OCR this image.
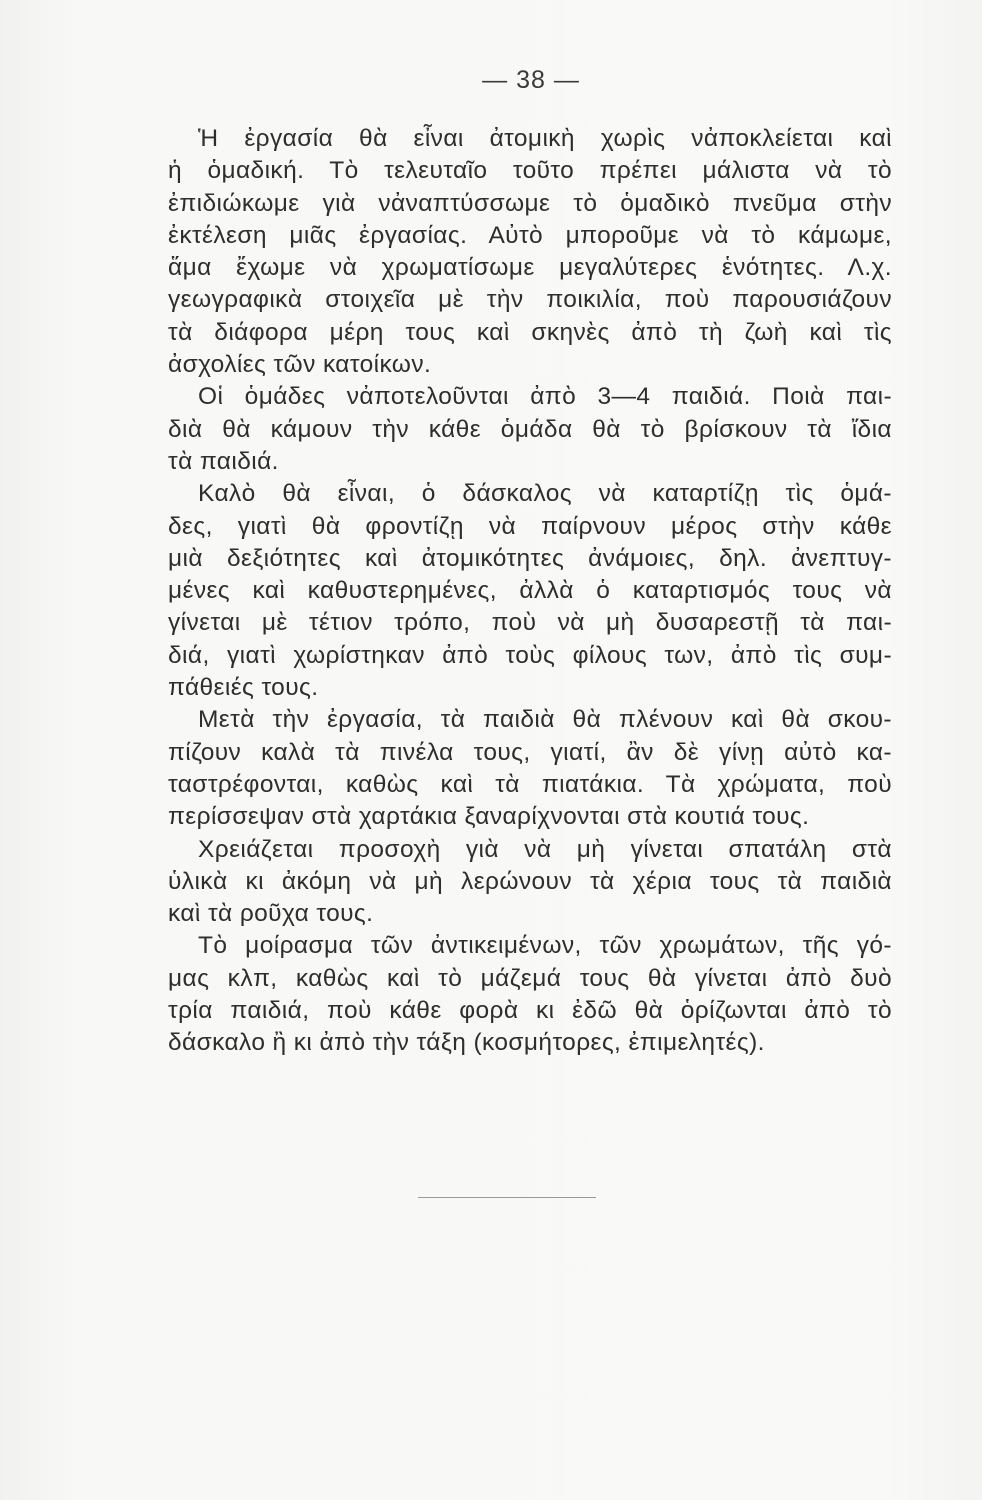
— 38 —

Ἡ ἐργασία θὰ εἶναι ἀτομικὴ χωρὶς νἀποκλείεται καὶ
ἡ ὁμαδική. Τὸ τελευταῖο τοῦτο πρέπει μάλιστα νὰ τὸ
ἐπιδιώκωμε γιὰ νἀναπτύσσωμε τὸ ὁμαδικὸ πνεῦμα στὴν
ἐκτέλεση μιᾶς ἐργασίας. Αὐτὸ μποροῦμε νὰ τὸ κάμωμε,
ἅμα ἔχωμε νὰ χρωματίσωμε μεγαλύτερες ἑνότητες. Λ.χ.
γεωγραφικὰ στοιχεῖα μὲ τὴν ποικιλία, ποὺ παρουσιάζουν
τὰ διάφορα μέρη τους καὶ σκηνὲς ἀπὸ τὴ ζωὴ καὶ τὶς
ἀσχολίες τῶν κατοίκων.

Οἱ ὁμάδες νἀποτελοῦνται ἀπὸ 3—4 παιδιά. Ποιὰ παι-
διὰ θὰ κάμουν τὴν κάθε ὁμάδα θὰ τὸ βρίσκουν τὰ ἴδια
τὰ παιδιά.

Καλὸ θὰ εἶναι, ὁ δάσκαλος νὰ καταρτίζῃ τὶς ὁμά-
δες, γιατὶ θὰ φροντίζῃ νὰ παίρνουν μέρος στὴν κάθε
μιὰ δεξιότητες καὶ ἀτομικότητες ἀνάμοιες, δηλ. ἀνεπτυγ-
μένες καὶ καθυστερημένες, ἀλλὰ ὁ καταρτισμός τους νὰ
γίνεται μὲ τέτιον τρόπο, ποὺ νὰ μὴ δυσαρεστῇ τὰ παι-
διά, γιατὶ χωρίστηκαν ἀπὸ τοὺς φίλους των, ἀπὸ τὶς συμ-
πάθειές τους.

Μετὰ τὴν ἐργασία, τὰ παιδιὰ θὰ πλένουν καὶ θὰ σκου-
πίζουν καλὰ τὰ πινέλα τους, γιατί, ἂν δὲ γίνῃ αὐτὸ κα-
ταστρέφονται, καθὼς καὶ τὰ πιατάκια. Τὰ χρώματα, ποὺ
περίσσεψαν στὰ χαρτάκια ξαναρίχνονται στὰ κουτιά τους.

Χρειάζεται προσοχὴ γιὰ νὰ μὴ γίνεται σπατάλη στὰ
ὑλικὰ κι ἀκόμη νὰ μὴ λερώνουν τὰ χέρια τους τὰ παιδιὰ
καὶ τὰ ροῦχα τους.

Τὸ μοίρασμα τῶν ἀντικειμένων, τῶν χρωμάτων, τῆς γό-
μας κλπ, καθὼς καὶ τὸ μάζεμά τους θὰ γίνεται ἀπὸ δυὸ
τρία παιδιά, ποὺ κάθε φορὰ κι ἐδῶ θὰ ὁρίζωνται ἀπὸ τὸ
δάσκαλο ἢ κι ἀπὸ τὴν τάξη (κοσμήτορες, ἐπιμελητές).
